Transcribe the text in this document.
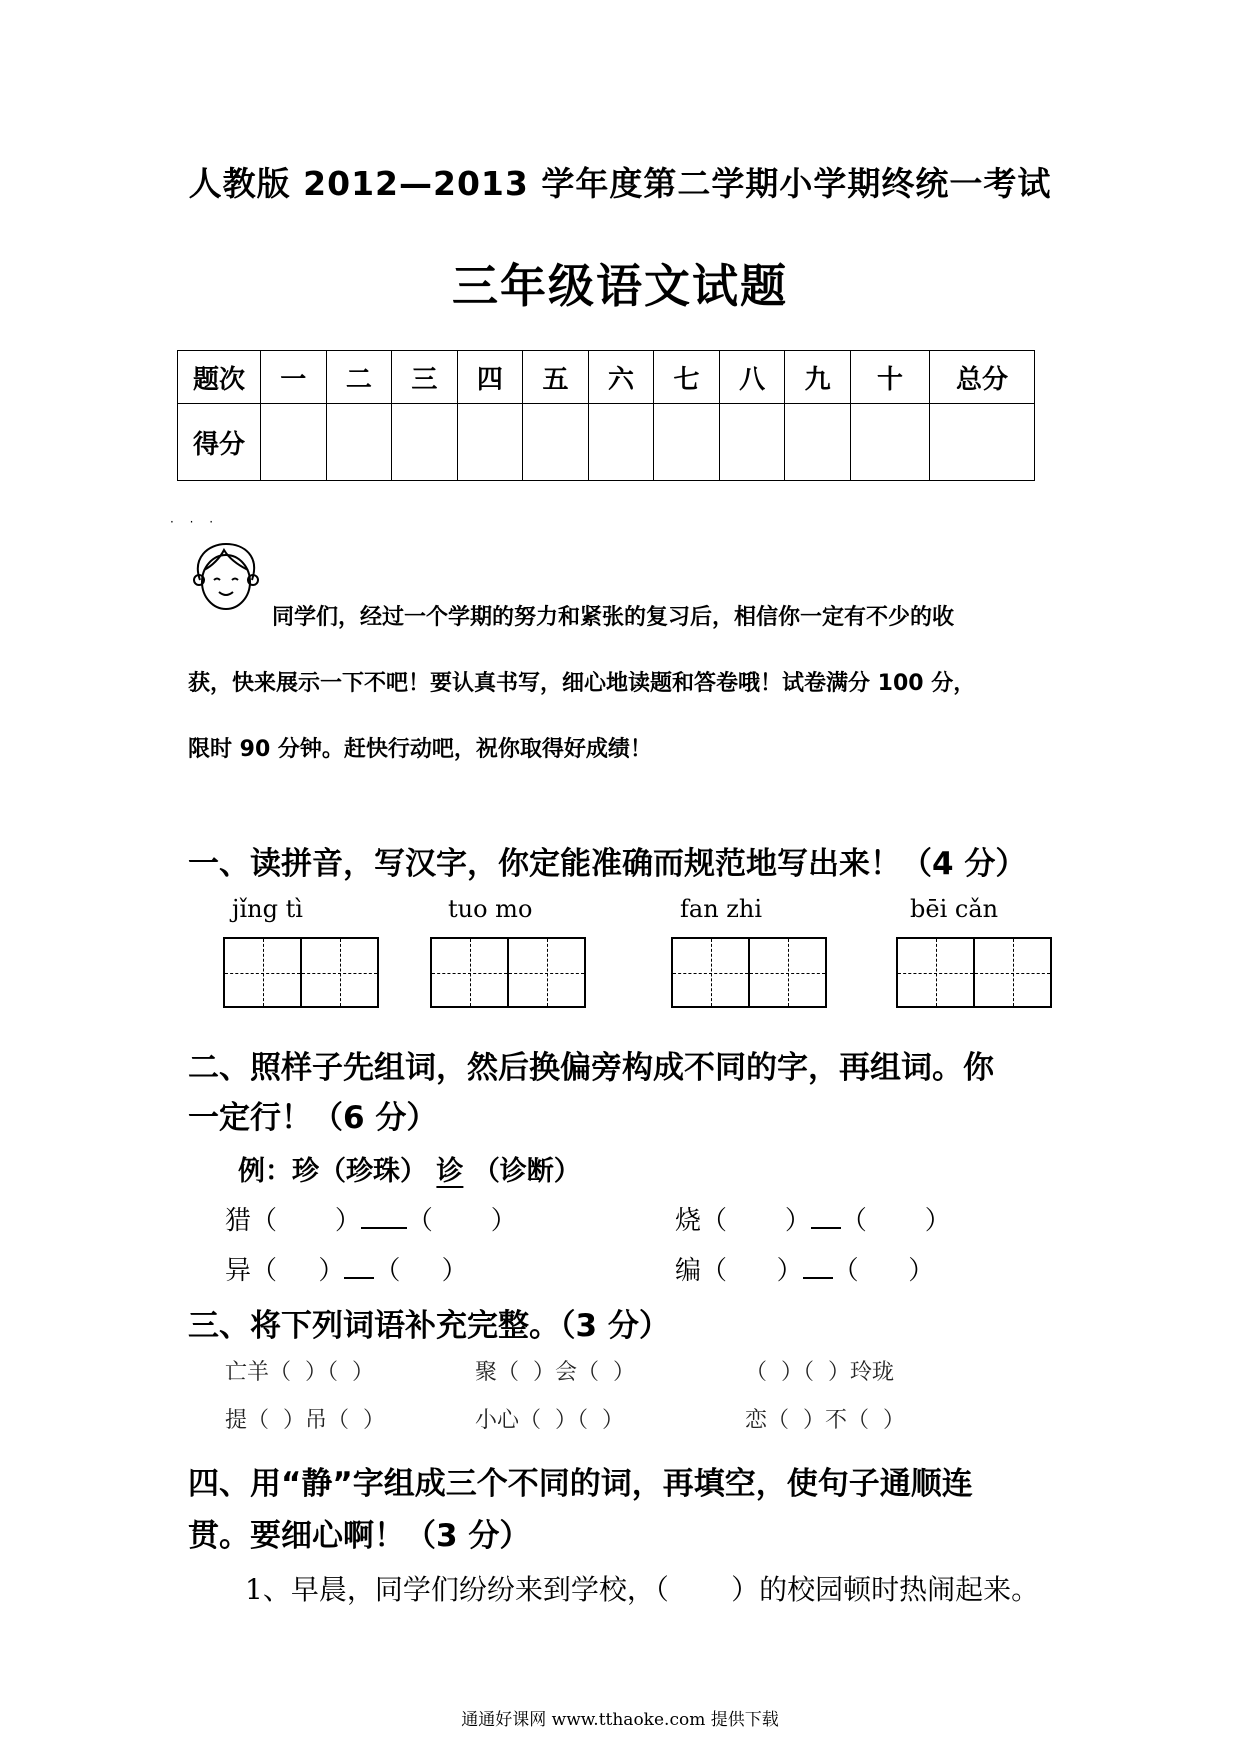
人教版 2012—2013 学年度第二学期小学期终统一考试
三年级语文试题
题次	一	二	三	四	五	六	七	八	九	十	总分
得分											
· · ·
同学们，经过一个学期的努力和紧张的复习后，相信你一定有不少的收
获，快来展示一下不吧！要认真书写，细心地读题和答卷哦！试卷满分 100 分，
限时 90 分钟。赶快行动吧，祝你取得好成绩！
一、读拼音，写汉字，你定能准确而规范地写出来！（4 分）
jǐng tì	tuo mo	fan zhi	bēi cǎn
二、照样子先组词，然后换偏旁构成不同的字，再组词。你
一定行！（6 分）
例：珍（珍珠） 诊 （诊断）
猎（       ） （       ）	烧（       ） （       ）
异（     ） （     ）	编（      ） （      ）
三、将下列词语补充完整。（3 分）
亡羊（  ）（  ）	聚（  ）会（  ）	（  ）（  ）玲珑
提（  ）吊（  ）	小心（  ）（  ）	恋（  ）不（  ）
四、用“静”字组成三个不同的词，再填空，使句子通顺连
贯。要细心啊！（3 分）
1、早晨，同学们纷纷来到学校，（       ）的校园顿时热闹起来。
通通好课网 www.tthaoke.com 提供下载
